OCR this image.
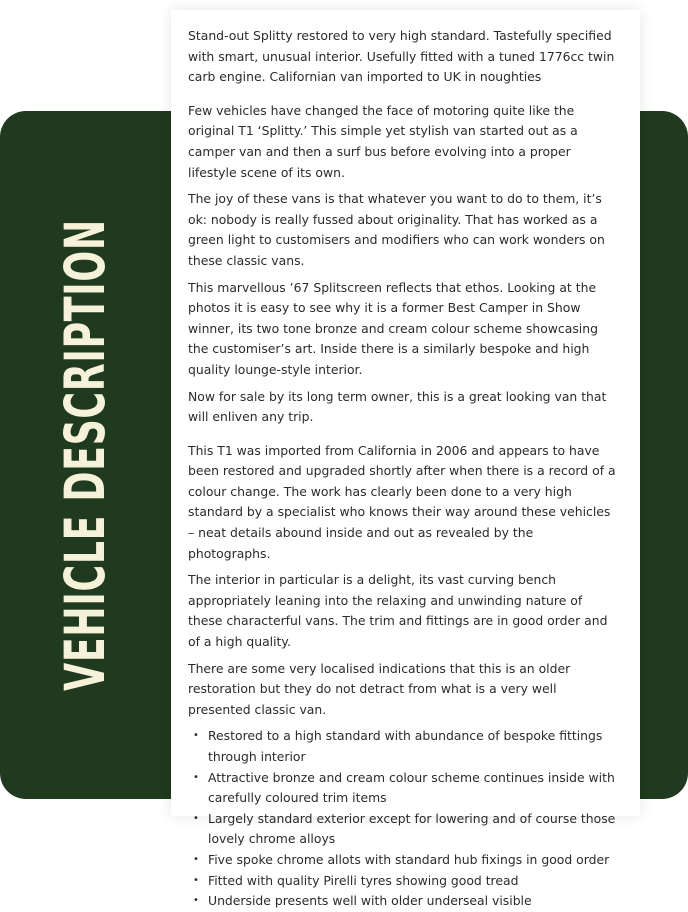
VEHICLE DESCRIPTION

Stand-out Splitty restored to very high standard. Tastefully specified with smart, unusual interior. Usefully fitted with a tuned 1776cc twin carb engine. Californian van imported to UK in noughties

Few vehicles have changed the face of motoring quite like the original T1 ‘Splitty.’ This simple yet stylish van started out as a camper van and then a surf bus before evolving into a proper lifestyle scene of its own.

The joy of these vans is that whatever you want to do to them, it’s ok: nobody is really fussed about originality. That has worked as a green light to customisers and modifiers who can work wonders on these classic vans.

This marvellous ’67 Splitscreen reflects that ethos. Looking at the photos it is easy to see why it is a former Best Camper in Show winner, its two tone bronze and cream colour scheme showcasing the customiser’s art. Inside there is a similarly bespoke and high quality lounge-style interior.

Now for sale by its long term owner, this is a great looking van that will enliven any trip.

This T1 was imported from California in 2006 and appears to have been restored and upgraded shortly after when there is a record of a colour change. The work has clearly been done to a very high standard by a specialist who knows their way around these vehicles – neat details abound inside and out as revealed by the photographs.

The interior in particular is a delight, its vast curving bench appropriately leaning into the relaxing and unwinding nature of these characterful vans. The trim and fittings are in good order and of a high quality.

There are some very localised indications that this is an older restoration but they do not detract from what is a very well presented classic van.

• Restored to a high standard with abundance of bespoke fittings through interior
• Attractive bronze and cream colour scheme continues inside with carefully coloured trim items
• Largely standard exterior except for lowering and of course those lovely chrome alloys
• Five spoke chrome allots with standard hub fixings in good order
• Fitted with quality Pirelli tyres showing good tread
• Underside presents well with older underseal visible
